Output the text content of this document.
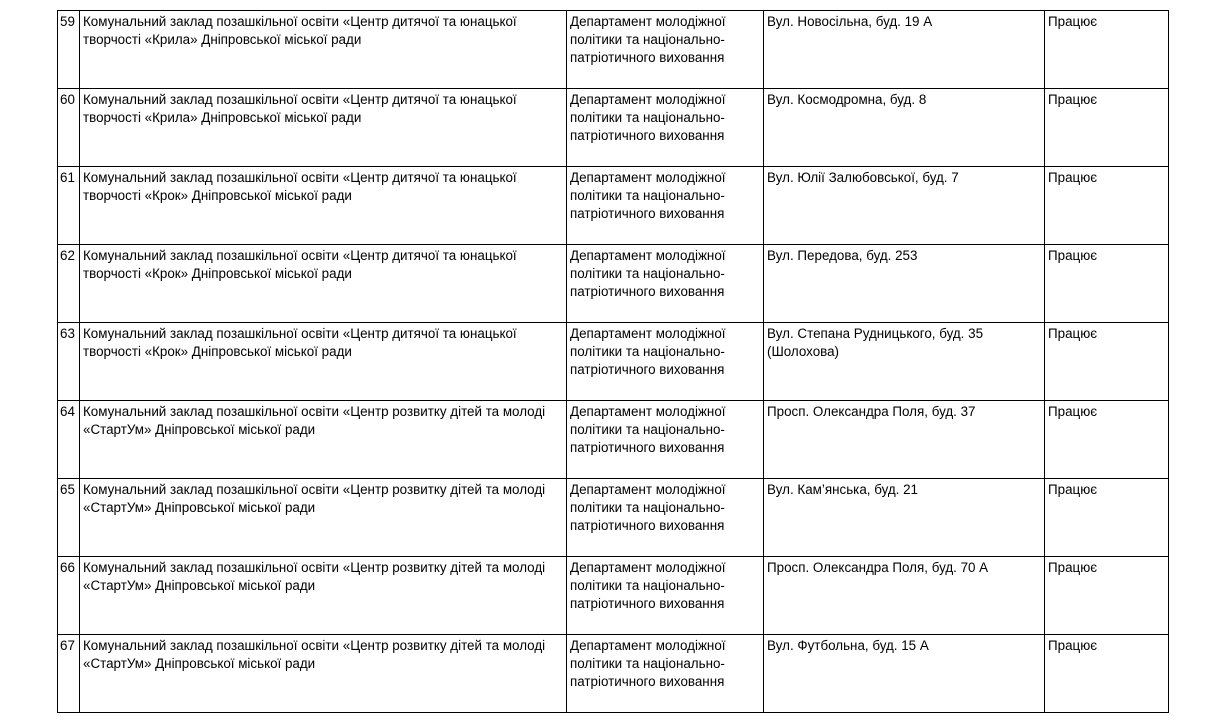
59	Комунальний заклад позашкільної освіти «Центр дитячої та юнацької творчості «Крила» Дніпровської міської ради	Департамент молодіжної політики та національно-патріотичного виховання	Вул. Новосільна, буд. 19 А	Працює
60	Комунальний заклад позашкільної освіти «Центр дитячої та юнацької творчості «Крила» Дніпровської міської ради	Департамент молодіжної політики та національно-патріотичного виховання	Вул. Космодромна, буд. 8	Працює
61	Комунальний заклад позашкільної освіти «Центр дитячої та юнацької творчості «Крок» Дніпровської міської ради	Департамент молодіжної політики та національно-патріотичного виховання	Вул. Юлії Залюбовської, буд. 7	Працює
62	Комунальний заклад позашкільної освіти «Центр дитячої та юнацької творчості «Крок» Дніпровської міської ради	Департамент молодіжної політики та національно-патріотичного виховання	Вул. Передова, буд. 253	Працює
63	Комунальний заклад позашкільної освіти «Центр дитячої та юнацької творчості «Крок» Дніпровської міської ради	Департамент молодіжної політики та національно-патріотичного виховання	Вул. Степана Рудницького, буд. 35 (Шолохова)	Працює
64	Комунальний заклад позашкільної освіти «Центр розвитку дітей та молоді «СтартУм» Дніпровської міської ради	Департамент молодіжної політики та національно-патріотичного виховання	Просп. Олександра Поля, буд. 37	Працює
65	Комунальний заклад позашкільної освіти «Центр розвитку дітей та молоді «СтартУм» Дніпровської міської ради	Департамент молодіжної політики та національно-патріотичного виховання	Вул. Кам’янська, буд. 21	Працює
66	Комунальний заклад позашкільної освіти «Центр розвитку дітей та молоді «СтартУм» Дніпровської міської ради	Департамент молодіжної політики та національно-патріотичного виховання	Просп. Олександра Поля, буд. 70 А	Працює
67	Комунальний заклад позашкільної освіти «Центр розвитку дітей та молоді «СтартУм» Дніпровської міської ради	Департамент молодіжної політики та національно-патріотичного виховання	Вул. Футбольна, буд. 15 А	Працює
